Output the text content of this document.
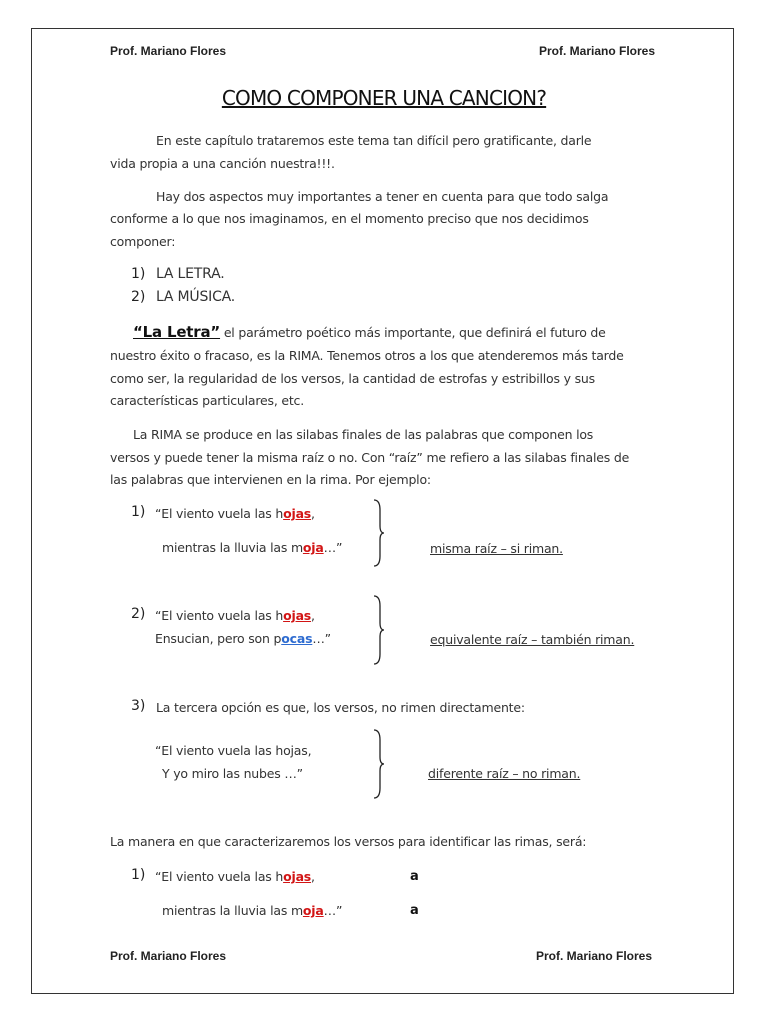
Prof. Mariano Flores	Prof. Mariano Flores
COMO COMPONER UNA CANCION?
En este capítulo trataremos este tema tan difícil pero gratificante, darle
vida propia a una canción nuestra!!!.
Hay dos aspectos muy importantes a tener en cuenta para que todo salga
conforme a lo que nos imaginamos, en el momento preciso que nos decidimos
componer:
1) LA LETRA.
2) LA MÚSICA.
“La Letra” el parámetro poético más importante, que definirá el futuro de
nuestro éxito o fracaso, es la RIMA. Tenemos otros a los que atenderemos más tarde
como ser, la regularidad de los versos, la cantidad de estrofas y estribillos y sus
características particulares, etc.
La RIMA se produce en las silabas finales de las palabras que componen los
versos y puede tener la misma raíz o no. Con “raíz” me refiero a las silabas finales de
las palabras que intervienen en la rima. Por ejemplo:
1) “El viento vuela las hojas,
mientras la lluvia las moja…”	misma raíz – si riman.
2) “El viento vuela las hojas,
Ensucian, pero son pocas…”	equivalente raíz – también riman.
3) La tercera opción es que, los versos, no rimen directamente:
“El viento vuela las hojas,
Y yo miro las nubes …”	diferente raíz – no riman.
La manera en que caracterizaremos los versos para identificar las rimas, será:
1) “El viento vuela las hojas,	a
mientras la lluvia las moja…”	a
Prof. Mariano Flores	Prof. Mariano Flores
